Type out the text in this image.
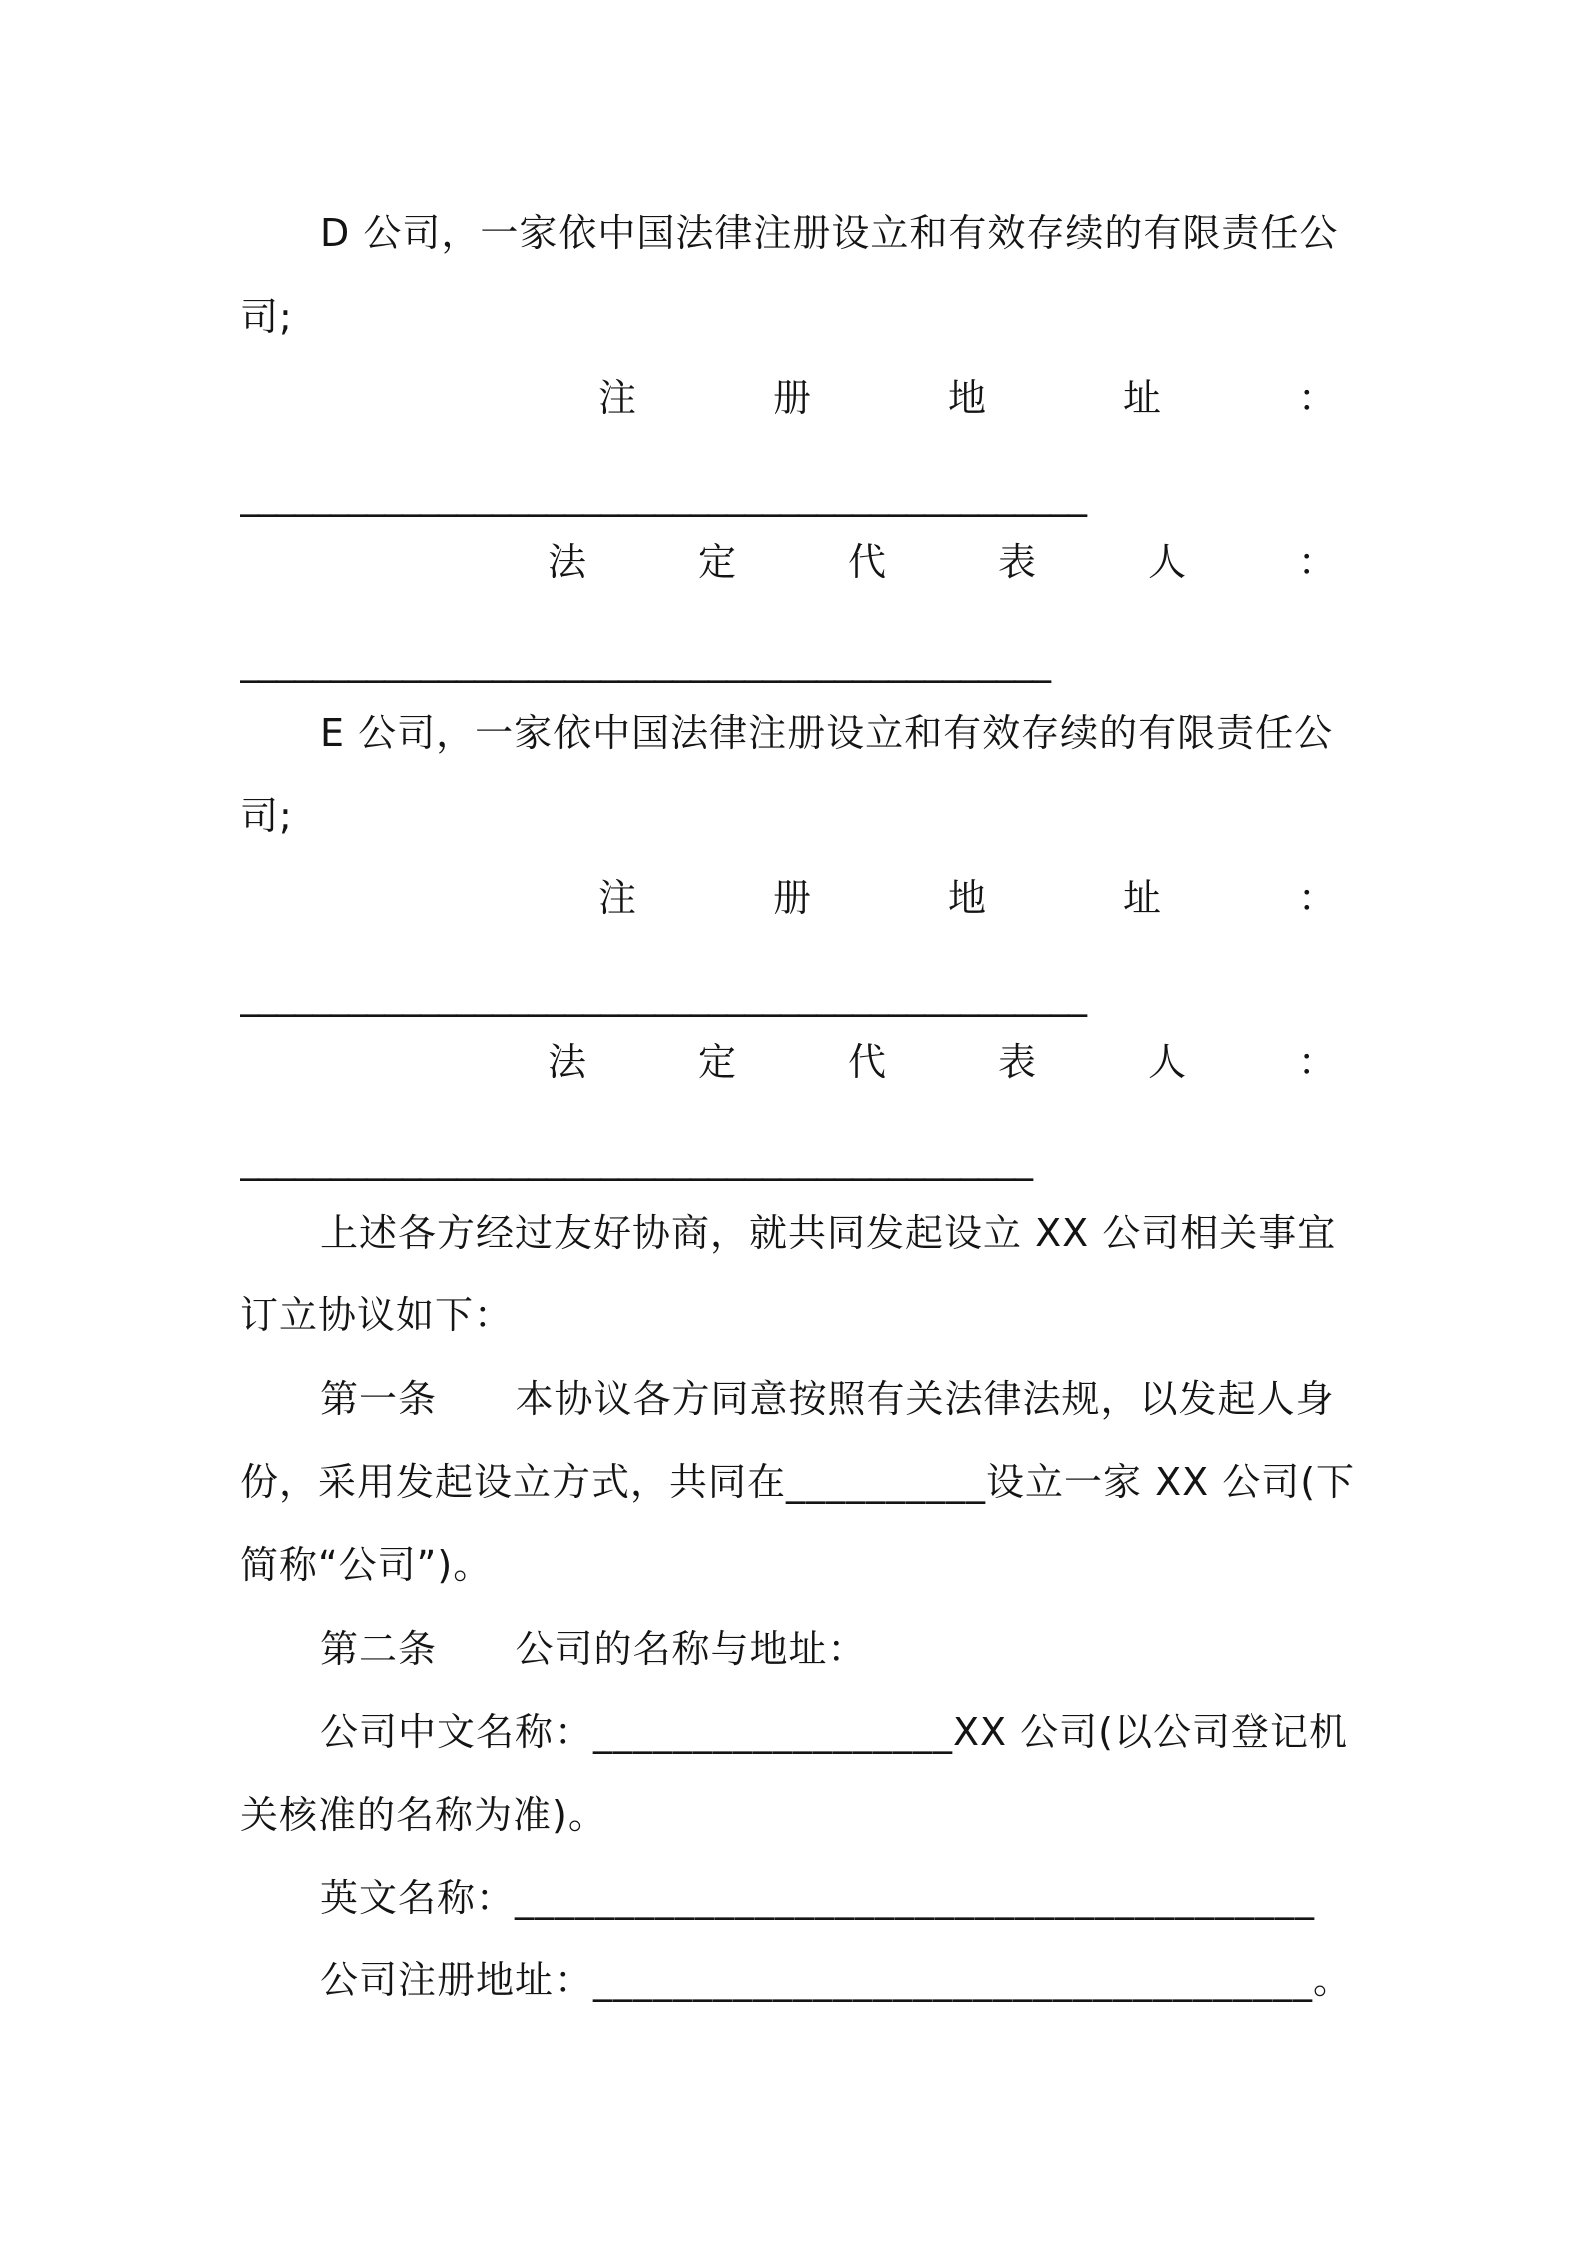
D 公司，一家依中国法律注册设立和有效存续的有限责任公
司;
注	册	地	址	：
_______________________________________________
法	定	代	表	人	：
_____________________________________________
E 公司，一家依中国法律注册设立和有效存续的有限责任公
司;
注	册	地	址	：
_______________________________________________
法	定	代	表	人	：
____________________________________________
上述各方经过友好协商，就共同发起设立 XX 公司相关事宜
订立协议如下：
第一条      本协议各方同意按照有关法律法规，以发起人身
份，采用发起设立方式，共同在__________设立一家 XX 公司(下
简称“公司”)。
第二条      公司的名称与地址：
公司中文名称：__________________XX 公司(以公司登记机
关核准的名称为准)。
英文名称：________________________________________
公司注册地址：____________________________________。
